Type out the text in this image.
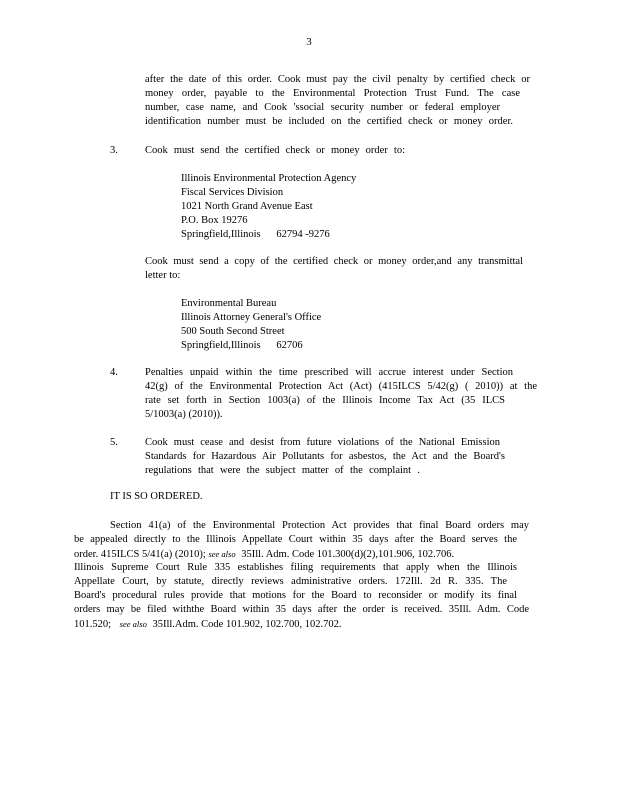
3
after the date of this order. Cook must pay the civil penalty by certified check or
money order, payable to the Environmental Protection Trust Fund. The case
number, case name, and Cook 'ssocial security number or federal employer
identification number must be included on the certified check or money order.
3.	Cook must send the certified check or money order to:
Illinois Environmental Protection Agency
Fiscal Services Division
1021 North Grand Avenue East
P.O. Box 19276
Springfield,Illinois      62794 -9276
Cook must send a copy of the certified check or money order,and any transmittal
letter to:
Environmental Bureau
Illinois Attorney General's Office
500 South Second Street
Springfield,Illinois      62706
4.	Penalties unpaid within the time prescribed will accrue interest under Section
42(g) of the Environmental Protection Act (Act) (415ILCS 5/42(g) ( 2010)) at the
rate set forth in Section 1003(a) of the Illinois Income Tax Act (35 ILCS
5/1003(a) (2010)).
5.	Cook must cease and desist from future violations of the National Emission
Standards for Hazardous Air Pollutants for asbestos, the Act and the Board's
regulations that were the subject matter of the complaint .
IT IS SO ORDERED.
Section 41(a) of the Environmental Protection Act provides that final Board orders may
be appealed directly to the Illinois Appellate Court within 35 days after the Board serves the
order. 415ILCS 5/41(a) (2010); see also 35Ill. Adm. Code 101.300(d)(2),101.906, 102.706.
Illinois Supreme Court Rule 335 establishes filing requirements that apply when the Illinois
Appellate Court, by statute, directly reviews administrative orders. 172Ill. 2d R. 335. The
Board's procedural rules provide that motions for the Board to reconsider or modify its final
orders may be filed withthe Board within 35 days after the order is received. 35Ill. Adm. Code
101.520; see also 35Ill.Adm. Code 101.902, 102.700, 102.702.
